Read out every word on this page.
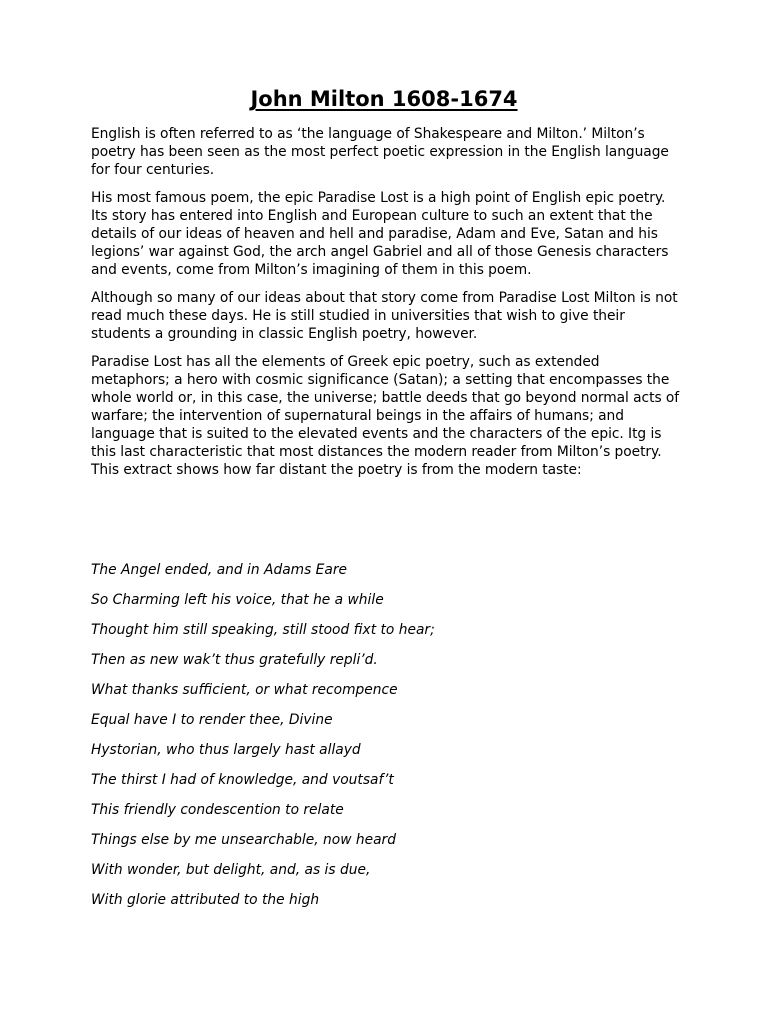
John Milton 1608-1674

English is often referred to as ‘the language of Shakespeare and Milton.’ Milton’s poetry has been seen as the most perfect poetic expression in the English language for four centuries.

His most famous poem, the epic Paradise Lost is a high point of English epic poetry. Its story has entered into English and European culture to such an extent that the details of our ideas of heaven and hell and paradise, Adam and Eve, Satan and his legions’ war against God, the arch angel Gabriel and all of those Genesis characters and events, come from Milton’s imagining of them in this poem.

Although so many of our ideas about that story come from Paradise Lost Milton is not read much these days. He is still studied in universities that wish to give their students a grounding in classic English poetry, however.

Paradise Lost has all the elements of Greek epic poetry, such as extended metaphors; a hero with cosmic significance (Satan); a setting that encompasses the whole world or, in this case, the universe; battle deeds that go beyond normal acts of warfare; the intervention of supernatural beings in the affairs of humans; and language that is suited to the elevated events and the characters of the epic. Itg is this last characteristic that most distances the modern reader from Milton’s poetry. This extract shows how far distant the poetry is from the modern taste:

The Angel ended, and in Adams Eare

So Charming left his voice, that he a while

Thought him still speaking, still stood fixt to hear;

Then as new wak’t thus gratefully repli’d.

What thanks sufficient, or what recompence

Equal have I to render thee, Divine

Hystorian, who thus largely hast allayd

The thirst I had of knowledge, and voutsaf’t

This friendly condescention to relate

Things else by me unsearchable, now heard

With wonder, but delight, and, as is due,

With glorie attributed to the high
